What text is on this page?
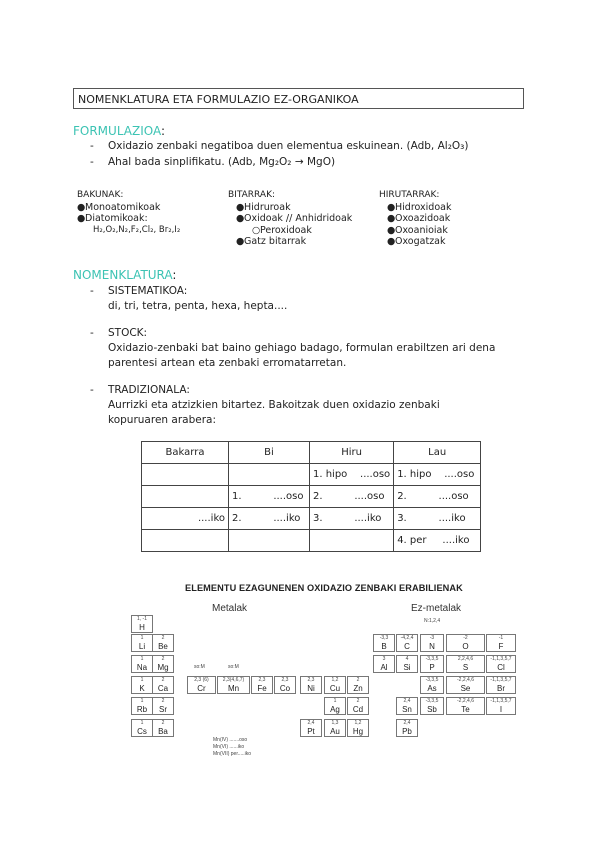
NOMENKLATURA ETA FORMULAZIO EZ-ORGANIKOA
FORMULAZIOA:
- Oxidazio zenbaki negatiboa duen elementua eskuinean. (Adb, Al₂O₃)
- Ahal bada sinplifikatu. (Adb, Mg₂O₂ → MgO)
BAKUNAK:
●Monoatomikoak
●Diatomikoak:
H₂,O₂,N₂,F₂,Cl₂, Br₂,I₂
BITARRAK:
●Hidruroak
●Oxidoak // Anhidridoak
○Peroxidoak
●Gatz bitarrak
HIRUTARRAK:
●Hidroxidoak
●Oxoazidoak
●Oxoanioiak
●Oxogatzak
NOMENKLATURA:
- SISTEMATIKOA:
di, tri, tetra, penta, hexa, hepta....
- STOCK:
Oxidazio-zenbaki bat baino gehiago badago, formulan erabiltzen ari dena parentesi artean eta zenbaki erromatarretan.
- TRADIZIONALA:
Aurrizki eta atzizkien bitartez. Bakoitzak duen oxidazio zenbaki kopuruaren arabera:
Bakarra	Bi	Hiru	Lau
		1. hipo    ....oso	1. hipo    ....oso
	1.          ....oso	2.          ....oso	2.          ....oso
....iko	2.          ....iko	3.          ....iko	3.          ....iko
			4. per     ....iko
ELEMENTU EZAGUNENEN OXIDAZIO ZENBAKI ERABILIENAK
Metalak	Ez-metalak
N:1,2,4
so:M	so:M
Mn(IV) .......oso
Mn(VI) ......iko
Mn(VII) per.....iko
1, -1
H
1
Li
2
Be
1
Na
2
Mg
1
K
2
Ca
2,3 (6)
Cr
2,3(4,6,7)
Mn
2,3
Fe
2,3
Co
2,3
Ni
1,2
Cu
2
Zn
1
Rb
2
Sr
1
Ag
2
Cd
1
Cs
2
Ba
2,4
Pt
1,3
Au
1,2
Hg
-3,3
B
-4,2,4
C
-3
N
-2
O
-1
F
3
Al
4
Si
-3,3,5
P
2,2,4,6
S
-1,1,3,5,7
Cl
-3,3,5
As
-2,2,4,6
Se
-1,1,3,5,7
Br
2,4
Sn
-3,3,5
Sb
-2,2,4,6
Te
-1,1,3,5,7
I
2,4
Pb
